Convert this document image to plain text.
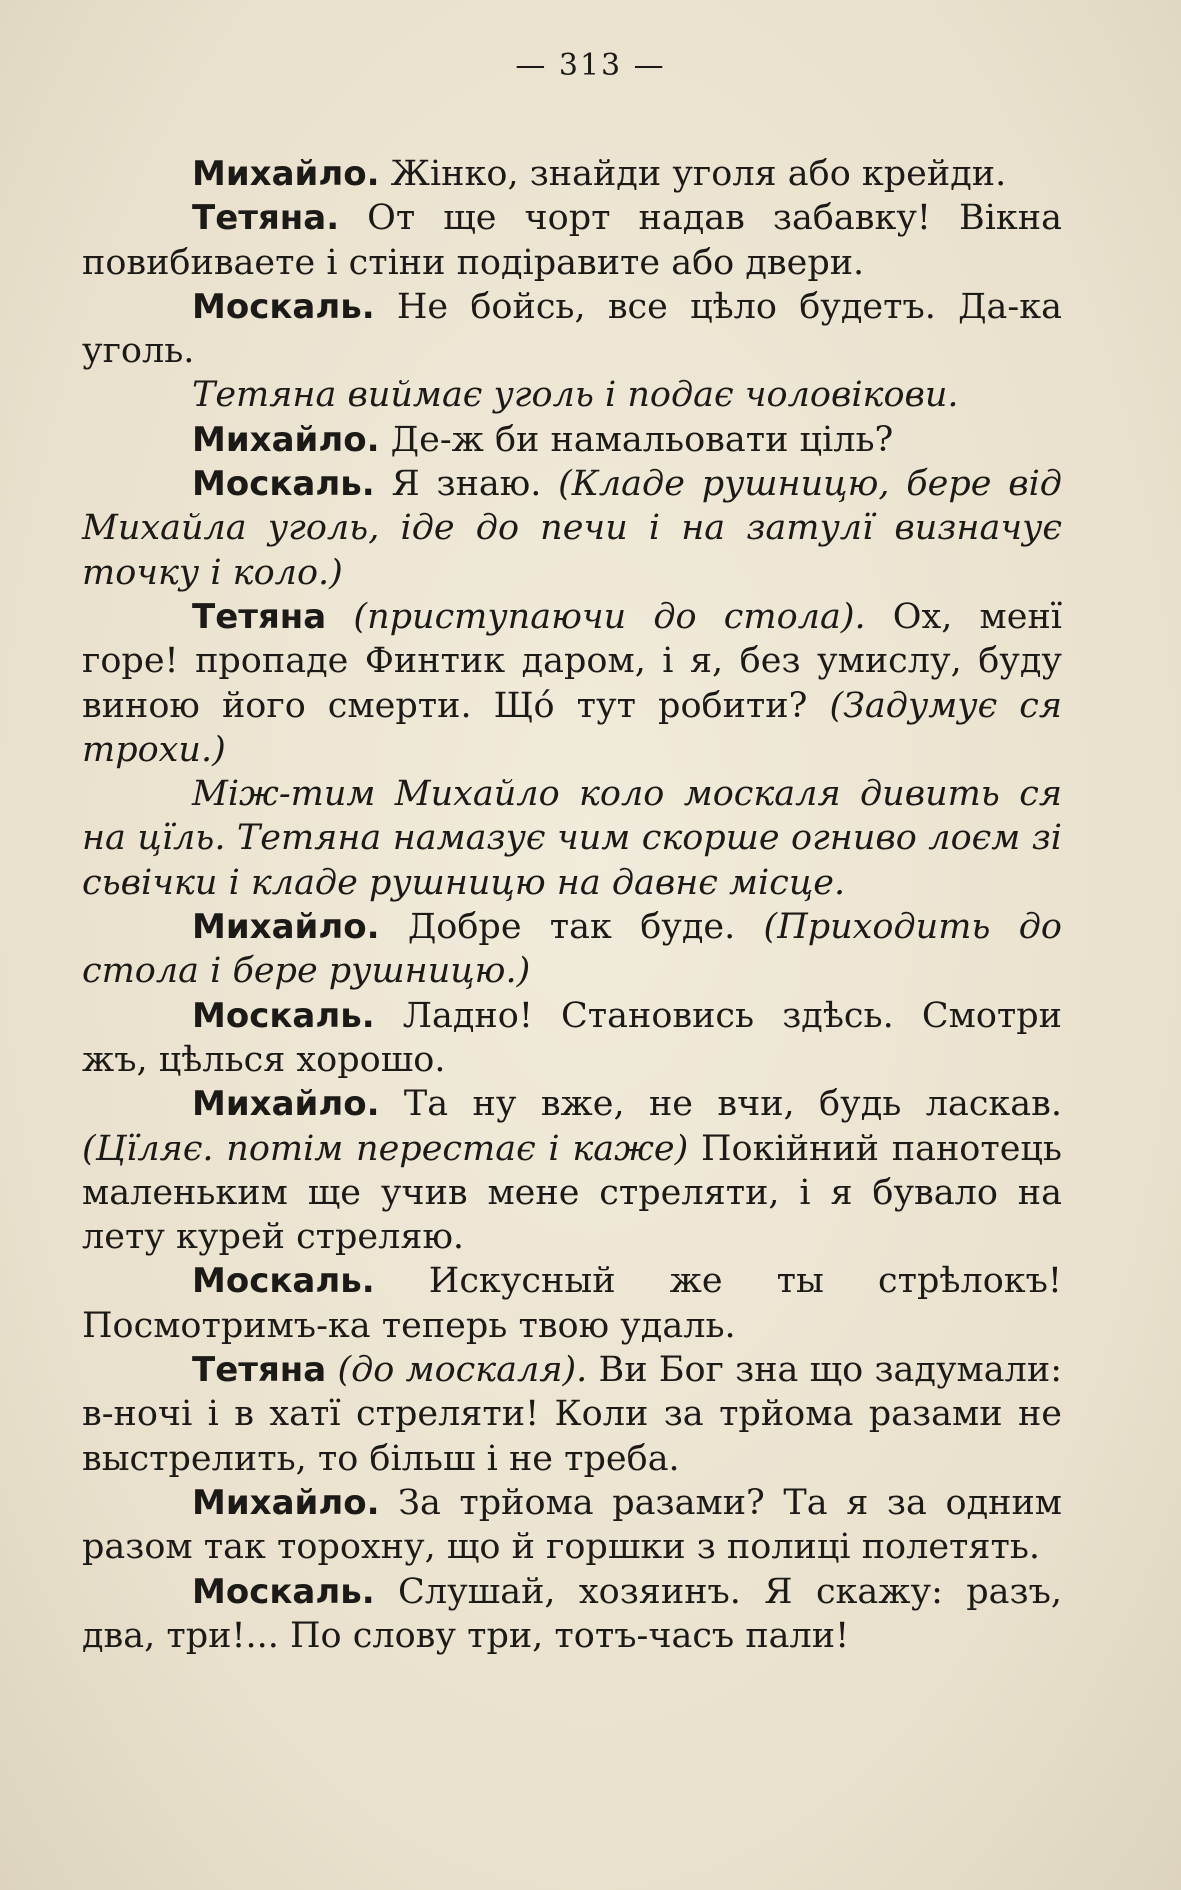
— 313 —

Михайло. Жінко, знайди уголя або крейди.

Тетяна. От ще чорт надав забавку! Вікна повибиваете і стіни подіравите або двери.

Москаль. Не бойсь, все цѣло будетъ. Да-ка уголь.

Тетяна виймає уголь і подає чоловікови.

Михайло. Де-ж би намальовати ціль?

Москаль. Я знаю. (Кладе рушницю, бере від Михайла уголь, іде до печи і на затулї визначує точку і коло.)

Тетяна (приступаючи до стола). Ох, менї горе! пропаде Финтик даром, і я, без умислу, буду виною його смерти. Щó тут робити? (Задумує ся трохи.)

Між-тим Михайло коло москаля дивить ся на цїль. Тетяна намазує чим скорше огниво лоєм зі сьвічки і кладе рушницю на давнє місце.

Михайло. Добре так буде. (Приходить до стола і бере рушницю.)

Москаль. Ладно! Становись здѣсь. Смотри жъ, цѣлься хорошо.

Михайло. Та ну вже, не вчи, будь ласкав. (Цїляє. потім перестає і каже) Покійний панотець маленьким ще учив мене стреляти, і я бувало на лету курей стреляю.

Москаль. Искусный же ты стрѣлокъ! Посмотримъ-ка теперь твою удаль.

Тетяна (до москаля). Ви Бог зна що задумали: в-ночі і в хатї стреляти! Коли за трйома разами не выстрелить, то більш і не треба.

Михайло. За трйома разами? Та я за одним разом так торохну, що й горшки з полиці полетять.

Москаль. Слушай, хозяинъ. Я скажу: разъ, два, три!... По слову три, тотъ-часъ пали!
